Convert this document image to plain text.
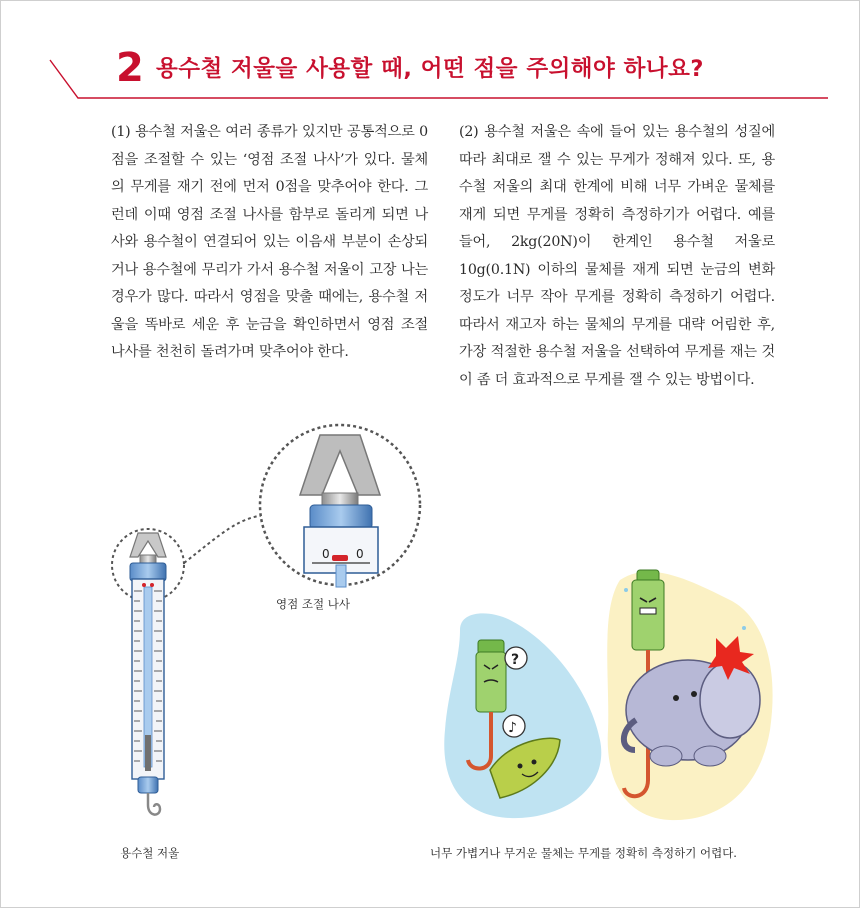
2 용수철 저울을 사용할 때, 어떤 점을 주의해야 하나요?
(1) 용수철 저울은 여러 종류가 있지만 공통적으로 0점을 조절할 수 있는 ‘영점 조절 나사’가 있다. 물체의 무게를 재기 전에 먼저 0점을 맞추어야 한다. 그런데 이때 영점 조절 나사를 함부로 돌리게 되면 나사와 용수철이 연결되어 있는 이음새 부분이 손상되거나 용수철에 무리가 가서 용수철 저울이 고장 나는 경우가 많다. 따라서 영점을 맞출 때에는, 용수철 저울을 똑바로 세운 후 눈금을 확인하면서 영점 조절 나사를 천천히 돌려가며 맞추어야 한다.
(2) 용수철 저울은 속에 들어 있는 용수철의 성질에 따라 최대로 잴 수 있는 무게가 정해져 있다. 또, 용수철 저울의 최대 한계에 비해 너무 가벼운 물체를 재게 되면 무게를 정확히 측정하기가 어렵다. 예를 들어, 2kg(20N)이 한계인 용수철 저울로 10g(0.1N) 이하의 물체를 재게 되면 눈금의 변화 정도가 너무 작아 무게를 정확히 측정하기 어렵다. 따라서 재고자 하는 물체의 무게를 대략 어림한 후, 가장 적절한 용수철 저울을 선택하여 무게를 재는 것이 좀 더 효과적으로 무게를 잴 수 있는 방법이다.
0 0
영점 조절 나사
용수철 저울
?
♪
너무 가볍거나 무거운 물체는 무게를 정확히 측정하기 어렵다.
